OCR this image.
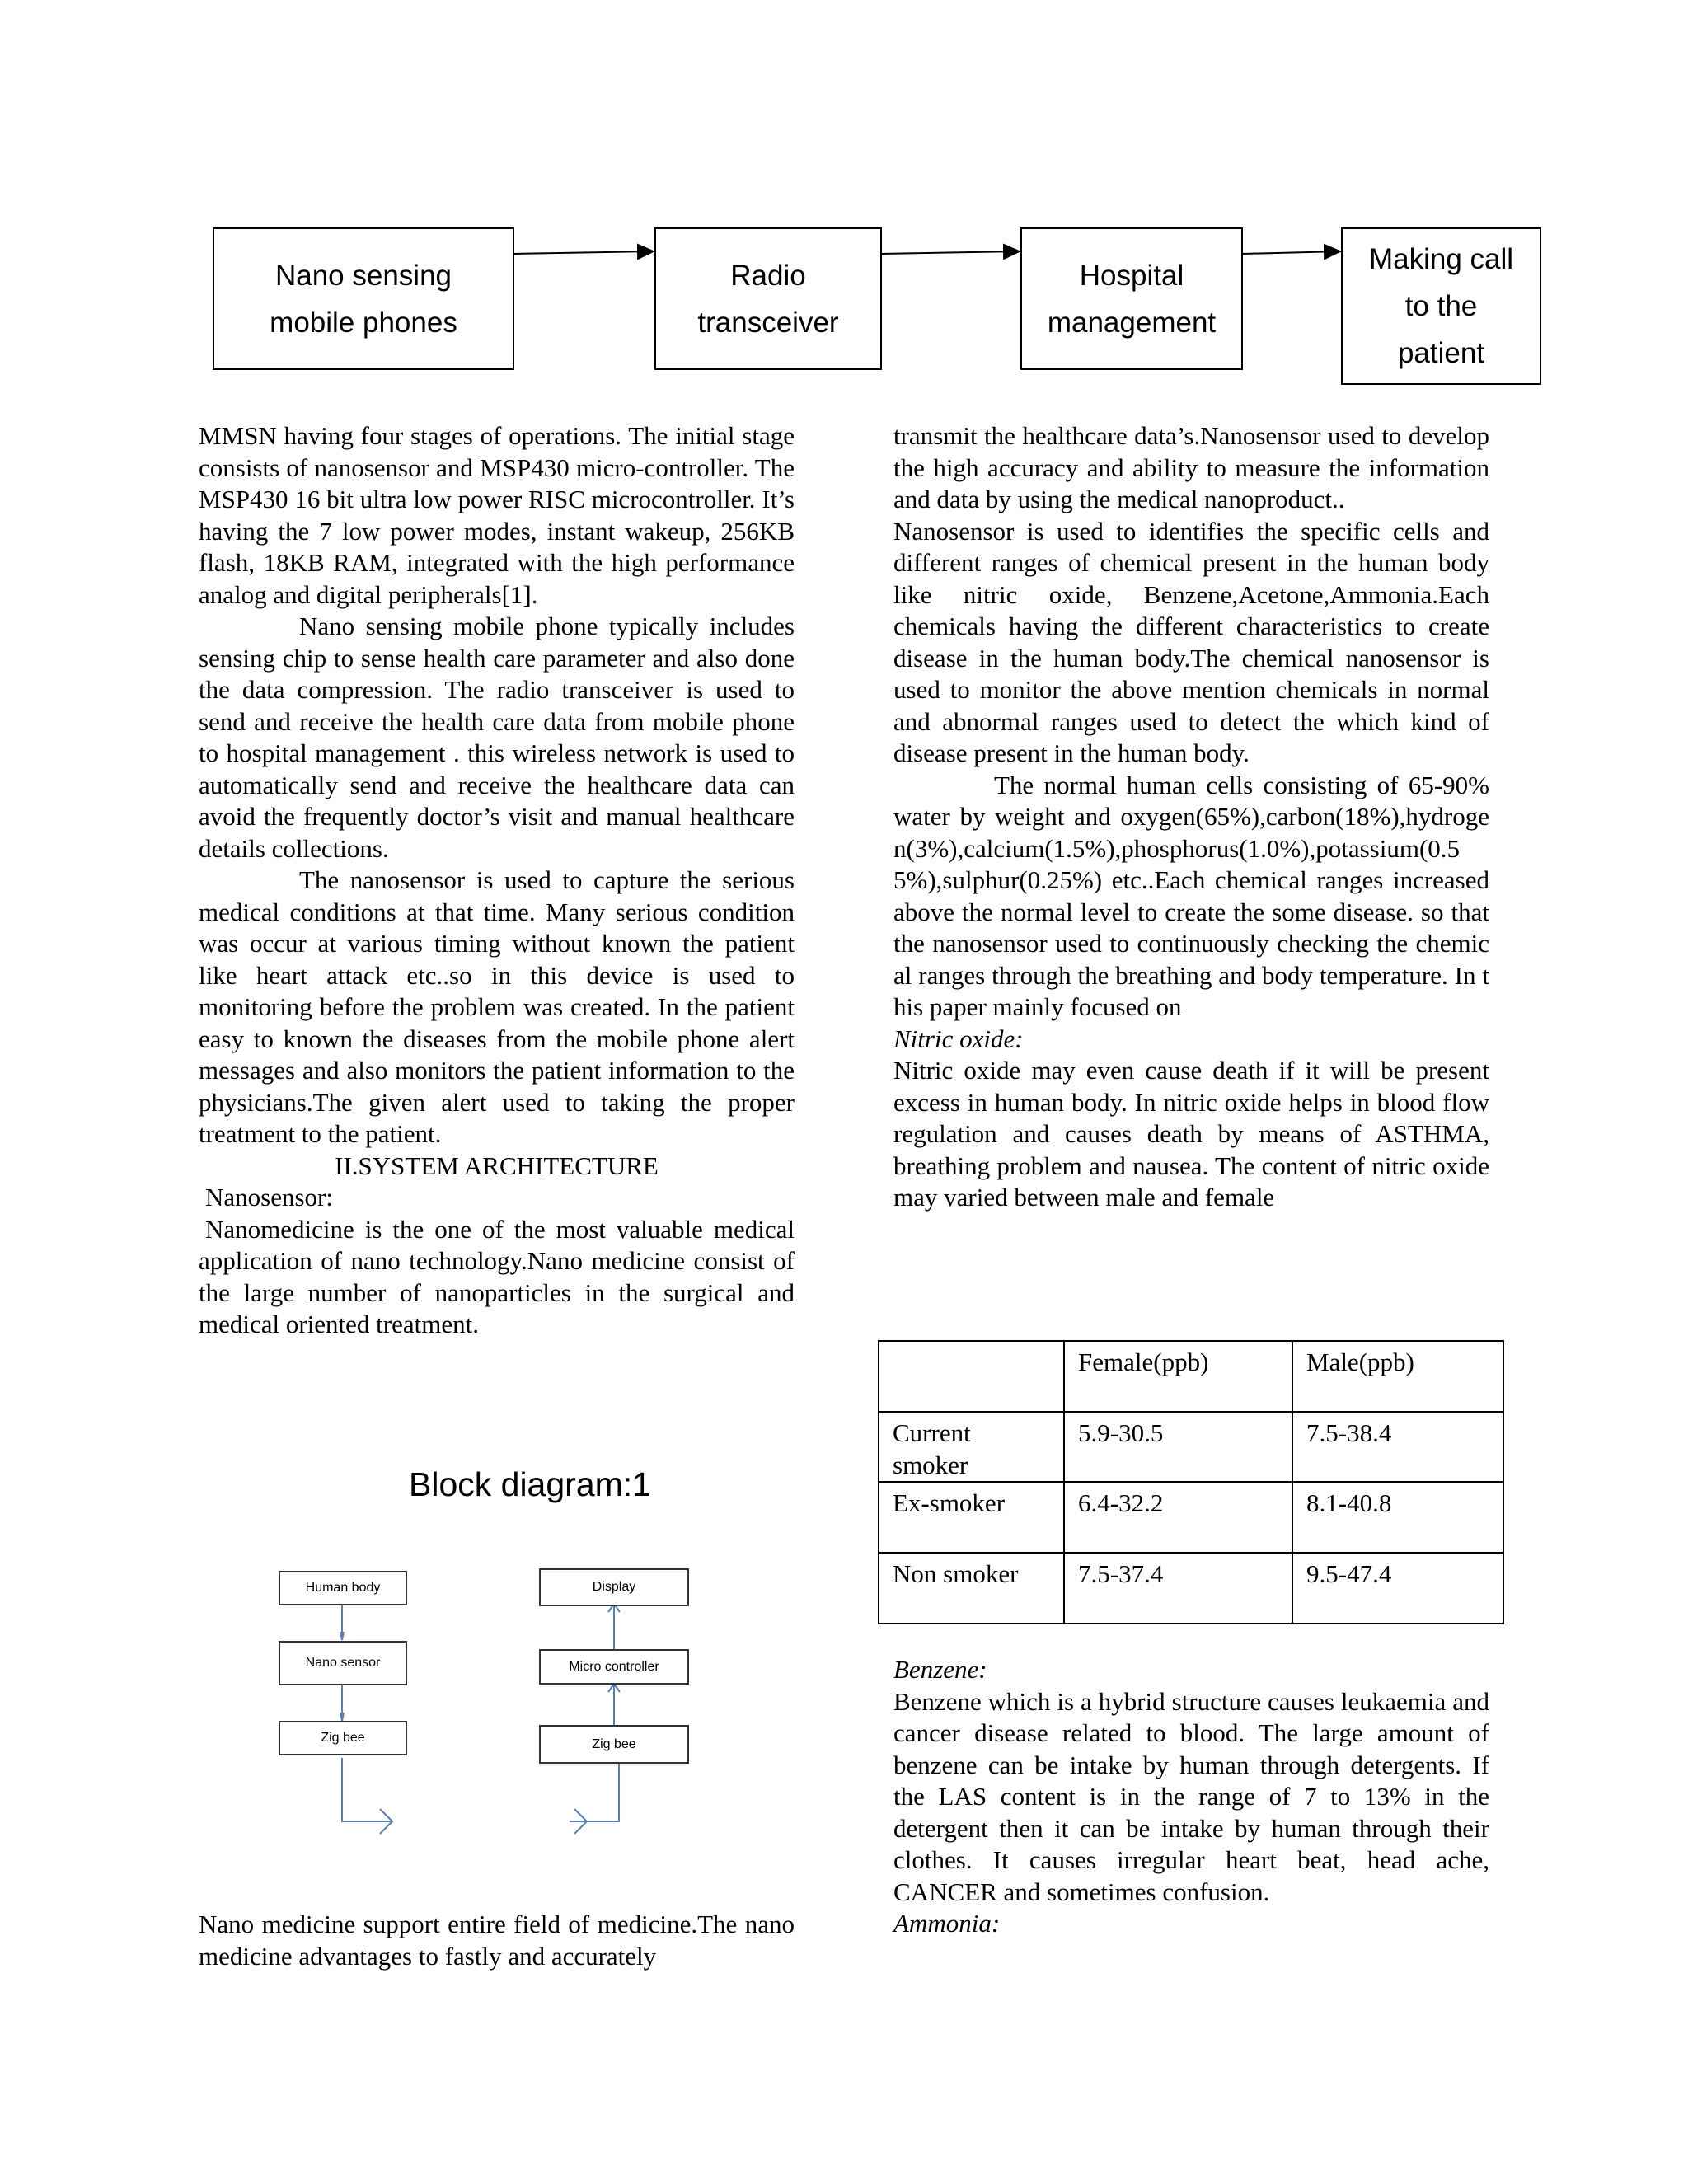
Nano sensing
mobile phones
Radio
transceiver
Hospital
management
Making call
to the
patient

MMSN having four stages of operations. The initial stage consists of nanosensor and MSP430 micro-controller. The MSP430 16 bit ultra low power RISC microcontroller. It’s having the 7 low power modes, instant wakeup, 256KB flash, 18KB RAM, integrated with the high performance analog and digital peripherals[1].

Nano sensing mobile phone typically includes sensing chip to sense health care parameter and also done the data compression. The radio transceiver is used to send and receive the health care data from mobile phone to hospital management . this wireless network is used to automatically send and receive the healthcare data can avoid the frequently doctor’s visit and manual healthcare details collections.

The nanosensor is used to capture the serious medical conditions at that time. Many serious condition was occur at various timing without known the patient like heart attack etc..so in this device is used to monitoring before the problem was created. In the patient easy to known the diseases from the mobile phone alert messages and also monitors the patient information to the physicians.The given alert used to taking the proper treatment to the patient.

II.SYSTEM ARCHITECTURE

Nanosensor:

Nanomedicine is the one of the most valuable medical application of nano technology.Nano medicine consist of the large number of nanoparticles in the surgical and medical oriented treatment.

Block diagram:1
Human body
Nano sensor
Zig bee
Display
Micro controller
Zig bee

Nano medicine support entire field of medicine.The nano medicine advantages to fastly and accurately

transmit the healthcare data’s.Nanosensor used to develop the high accuracy and ability to measure the information and data by using the medical nanoproduct..

Nanosensor is used to identifies the specific cells and different ranges of chemical present in the human body like nitric oxide, Benzene,Acetone,Ammonia.Each chemicals having the different characteristics to create disease in the human body.The chemical nanosensor is used to monitor the above mention chemicals in normal and abnormal ranges used to detect the which kind of disease present in the human body.

The normal human cells consisting of 65-90% water by weight and oxygen(65%),carbon(18%),hydrogen(3%),calcium(1.5%),phosphorus(1.0%),potassium(0.55%),sulphur(0.25%) etc..Each chemical ranges increased above the normal level to create the some disease. so that the nanosensor used to continuously checking the chemical ranges through the breathing and body temperature. In this paper mainly focused on

Nitric oxide:

Nitric oxide may even cause death if it will be present excess in human body. In nitric oxide helps in blood flow regulation and causes death by means of ASTHMA, breathing problem and nausea. The content of nitric oxide may varied between male and female

	Female(ppb)	Male(ppb)
Current smoker	5.9-30.5	7.5-38.4
Ex-smoker	6.4-32.2	8.1-40.8
Non smoker	7.5-37.4	9.5-47.4

Benzene:

Benzene which is a hybrid structure causes leukaemia and cancer disease related to blood. The large amount of benzene can be intake by human through detergents. If the LAS content is in the range of 7 to 13% in the detergent then it can be intake by human through their clothes. It causes irregular heart beat, head ache, CANCER and sometimes confusion.

Ammonia:
